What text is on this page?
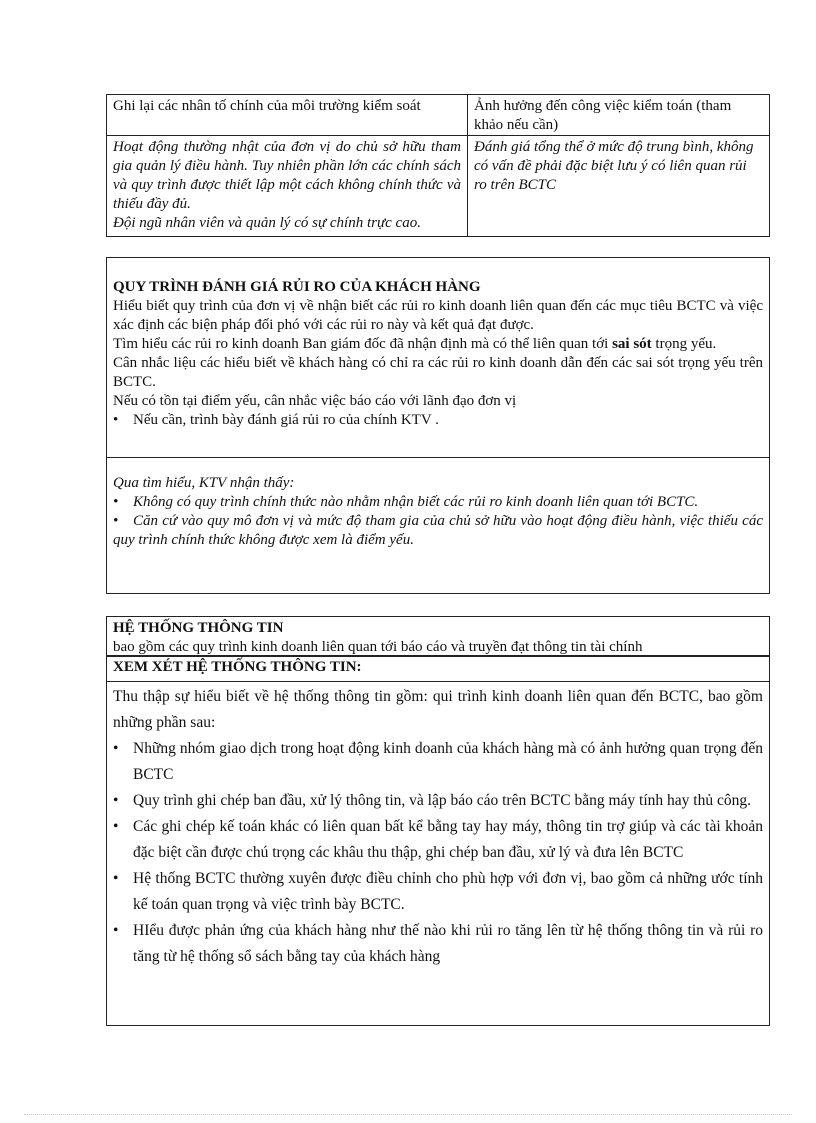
Ghi lại các nhân tố chính của môi trường kiểm soát	Ảnh hưởng đến công việc kiểm toán (tham khảo nếu cần)
Hoạt động thường nhật của đơn vị do chủ sở hữu tham gia quản lý điều hành. Tuy nhiên phần lớn các chính sách và quy trình được thiết lập một cách không chính thức và thiếu đầy đủ.
Đội ngũ nhân viên và quản lý có sự chính trực cao.
Đánh giá tổng thể ở mức độ trung bình, không có vấn đề phải đặc biệt lưu ý có liên quan rủi ro trên BCTC
QUY TRÌNH ĐÁNH GIÁ RỦI RO CỦA KHÁCH HÀNG
Hiểu biết quy trình của đơn vị về nhận biết các rủi ro kinh doanh liên quan đến các mục tiêu BCTC và việc xác định các biện pháp đối phó với các rủi ro này và kết quả đạt được.
Tìm hiểu các rủi ro kinh doanh Ban giám đốc đã nhận định mà có thể liên quan tới sai sót trọng yếu.
Cân nhắc liệu các hiểu biết về khách hàng có chỉ ra các rủi ro kinh doanh dẫn đến các sai sót trọng yếu trên BCTC.
Nếu có tồn tại điểm yếu, cân nhắc việc báo cáo với lãnh đạo đơn vị
•
Nếu cần, trình bày đánh giá rủi ro của chính KTV .
Qua tìm hiểu, KTV nhận thấy:
•Không có quy trình chính thức nào nhằm nhận biết các rủi ro kinh doanh liên quan tới BCTC.
•Căn cứ vào quy mô đơn vị và mức độ tham gia của chủ sở hữu vào hoạt động điều hành, việc thiếu các quy trình chính thức không được xem là điểm yếu.
HỆ THỐNG THÔNG TIN
bao gồm các quy trình kinh doanh liên quan tới báo cáo và truyền đạt thông tin tài chính
XEM XÉT HỆ THỐNG THÔNG TIN:
Thu thập sự hiểu biết về hệ thống thông tin gồm: qui trình kinh doanh liên quan đến BCTC, bao gồm những phần sau:
•
Những nhóm giao dịch trong hoạt động kinh doanh của khách hàng mà có ảnh hưởng quan trọng đến BCTC
•
Quy trình ghi chép ban đầu, xử lý thông tin, và lập báo cáo trên BCTC bằng máy tính hay thủ công.
•
Các ghi chép kế toán khác có liên quan bất kể bằng tay hay máy, thông tin trợ giúp và các tài khoản đặc biệt cần được chú trọng các khâu thu thập, ghi chép ban đầu, xử lý và đưa lên BCTC
•
Hệ thống BCTC thường xuyên được điều chỉnh cho phù hợp với đơn vị, bao gồm cả những ước tính kế toán quan trọng và việc trình bày BCTC.
•
HIểu được phản ứng của khách hàng như thế nào khi rủi ro tăng lên từ hệ thống thông tin và rủi ro tăng từ hệ thống sổ sách bằng tay của khách hàng
